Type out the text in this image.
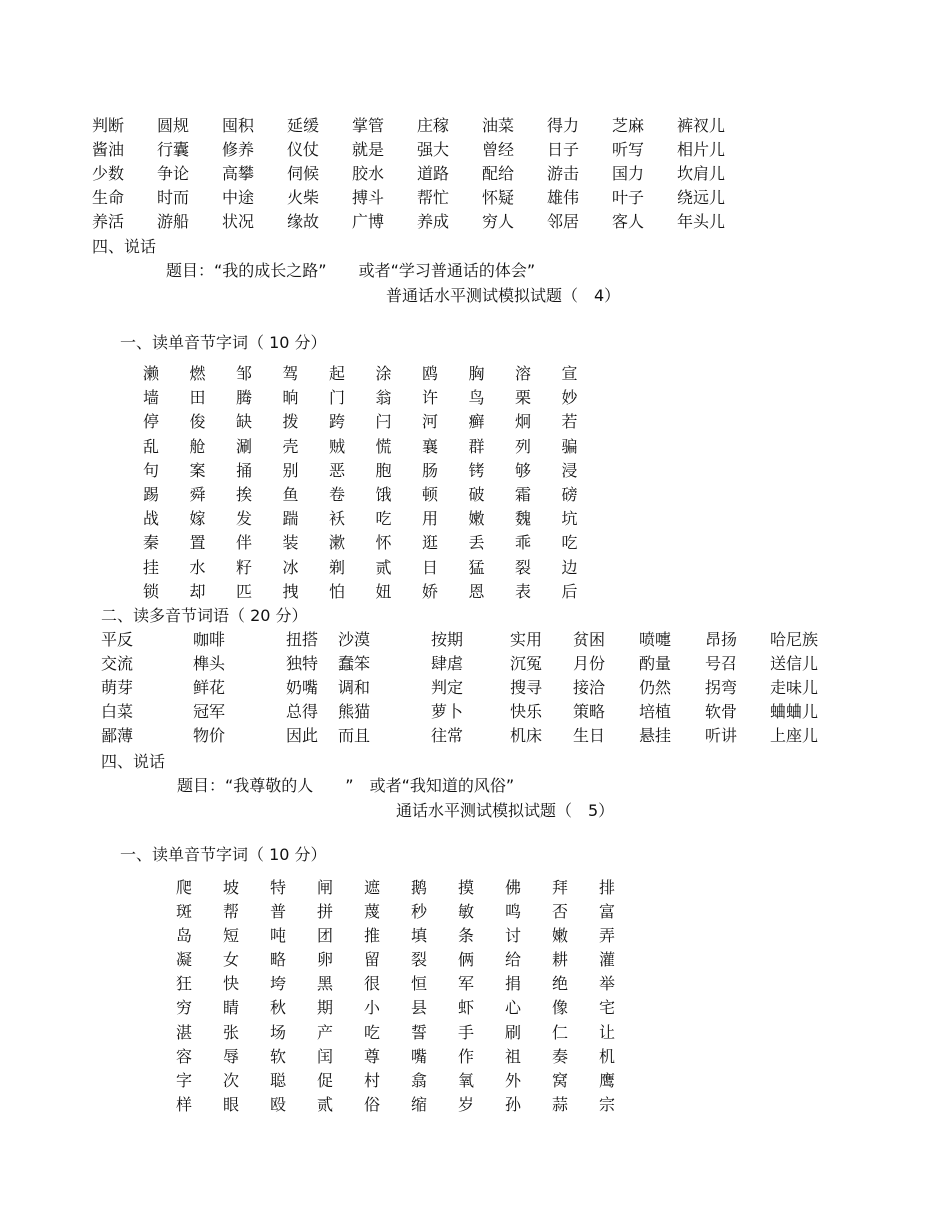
判断	圆规	囤积	延缓	掌管	庄稼	油菜	得力	芝麻	裤衩儿
酱油	行囊	修养	仪仗	就是	强大	曾经	日子	听写	相片儿
少数	争论	高攀	伺候	胶水	道路	配给	游击	国力	坎肩儿
生命	时而	中途	火柴	搏斗	帮忙	怀疑	雄伟	叶子	绕远儿
养活	游船	状况	缘故	广博	养成	穷人	邻居	客人	年头儿
四、说话
题目：“我的成长之路”　　或者“学习普通话的体会”
普通话水平测试模拟试题（　4）
一、读单音节字词（ 10 分）
濑	燃	邹	驾	起	涂	鸥	胸	溶	宣
墙	田	腾	晌	门	翁	许	鸟	栗	妙
停	俊	缺	拨	跨	闩	河	癣	炯	若
乱	舱	涮	壳	贼	慌	襄	群	列	骗
句	案	捅	别	恶	胞	肠	铐	够	浸
踢	舜	挨	鱼	卷	饿	顿	破	霜	磅
战	嫁	发	踹	袄	吃	用	嫩	魏	坑
秦	置	伴	装	漱	怀	逛	丢	乖	吃
挂	水	籽	冰	剃	贰	日	猛	裂	边
锁	却	匹	拽	怕	妞	娇	恩	表	后
二、读多音节词语（ 20 分）
平反	咖啡	扭搭	沙漠	按期	实用	贫困	喷嚏	昂扬	哈尼族
交流	榫头	独特	蠢笨	肆虐	沉冤	月份	酌量	号召	送信儿
萌芽	鲜花	奶嘴	调和	判定	搜寻	接洽	仍然	拐弯	走味儿
白菜	冠军	总得	熊猫	萝卜	快乐	策略	培植	软骨	蛐蛐儿
鄙薄	物价	因此	而且	往常	机床	生日	悬挂	听讲	上座儿
四、说话
题目：“我尊敬的人　　”　或者“我知道的风俗”
通话水平测试模拟试题（　5）
一、读单音节字词（ 10 分）
爬	坡	特	闸	遮	鹅	摸	佛	拜	排
斑	帮	普	拼	蔑	秒	敏	鸣	否	富
岛	短	吨	团	推	填	条	讨	嫩	弄
凝	女	略	卵	留	裂	俩	给	耕	灌
狂	快	垮	黑	很	恒	军	捐	绝	举
穷	睛	秋	期	小	县	虾	心	像	宅
湛	张	场	产	吃	誓	手	刷	仁	让
容	辱	软	闰	尊	嘴	作	祖	奏	机
字	次	聪	促	村	翕	氧	外	窝	鹰
样	眼	殴	贰	俗	缩	岁	孙	蒜	宗
